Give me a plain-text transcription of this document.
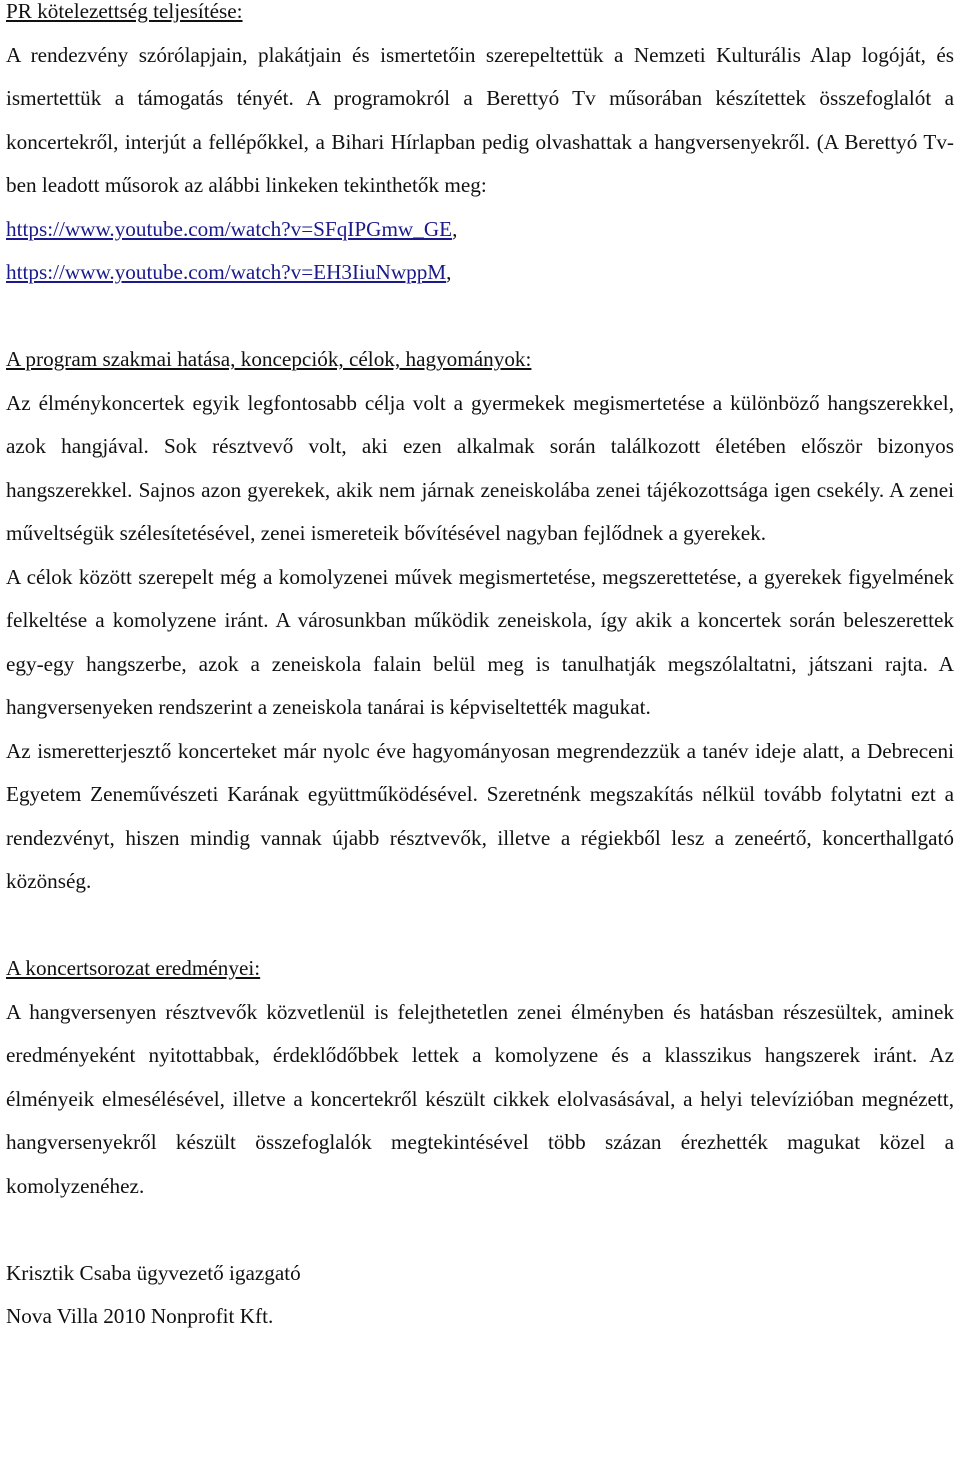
PR kötelezettség teljesítése:

A rendezvény szórólapjain, plakátjain és ismertetőin szerepeltettük a Nemzeti Kulturális Alap logóját, és ismertettük a támogatás tényét. A programokról a Berettyó Tv műsorában készítettek összefoglalót a koncertekről, interjút a fellépőkkel, a Bihari Hírlapban pedig olvashattak a hangversenyekről. (A Berettyó Tv-ben leadott műsorok az alábbi linkeken tekinthetők meg:

https://www.youtube.com/watch?v=SFqIPGmw_GE,
https://www.youtube.com/watch?v=EH3IiuNwppM,
A program szakmai hatása, koncepciók, célok, hagyományok:

Az élménykoncertek egyik legfontosabb célja volt a gyermekek megismertetése a különböző hangszerekkel, azok hangjával. Sok résztvevő volt, aki ezen alkalmak során találkozott életében először bizonyos hangszerekkel. Sajnos azon gyerekek, akik nem járnak zeneiskolába zenei tájékozottsága igen csekély. A zenei műveltségük szélesítetésével, zenei ismereteik bővítésével nagyban fejlődnek a gyerekek.

A célok között szerepelt még a komolyzenei művek megismertetése, megszerettetése, a gyerekek figyelmének felkeltése a komolyzene iránt. A városunkban működik zeneiskola, így akik a koncertek során beleszerettek egy-egy hangszerbe, azok a zeneiskola falain belül meg is tanulhatják megszólaltatni, játszani rajta. A hangversenyeken rendszerint a zeneiskola tanárai is képviseltették magukat.

Az ismeretterjesztő koncerteket már nyolc éve hagyományosan megrendezzük a tanév ideje alatt, a Debreceni Egyetem Zeneművészeti Karának együttműködésével. Szeretnénk megszakítás nélkül tovább folytatni ezt a rendezvényt, hiszen mindig vannak újabb résztvevők, illetve a régiekből lesz a zeneértő, koncerthallgató közönség.

A koncertsorozat eredményei:

A hangversenyen résztvevők közvetlenül is felejthetetlen zenei élményben és hatásban részesültek, aminek eredményeként nyitottabbak, érdeklődőbbek lettek a komolyzene és a klasszikus hangszerek iránt. Az élményeik elmesélésével, illetve a koncertekről készült cikkek elolvasásával, a helyi televízióban megnézett, hangversenyekről készült összefoglalók megtekintésével több százan érezhették magukat közel a komolyzenéhez.

Krisztik Csaba ügyvezető igazgató
Nova Villa 2010 Nonprofit Kft.
